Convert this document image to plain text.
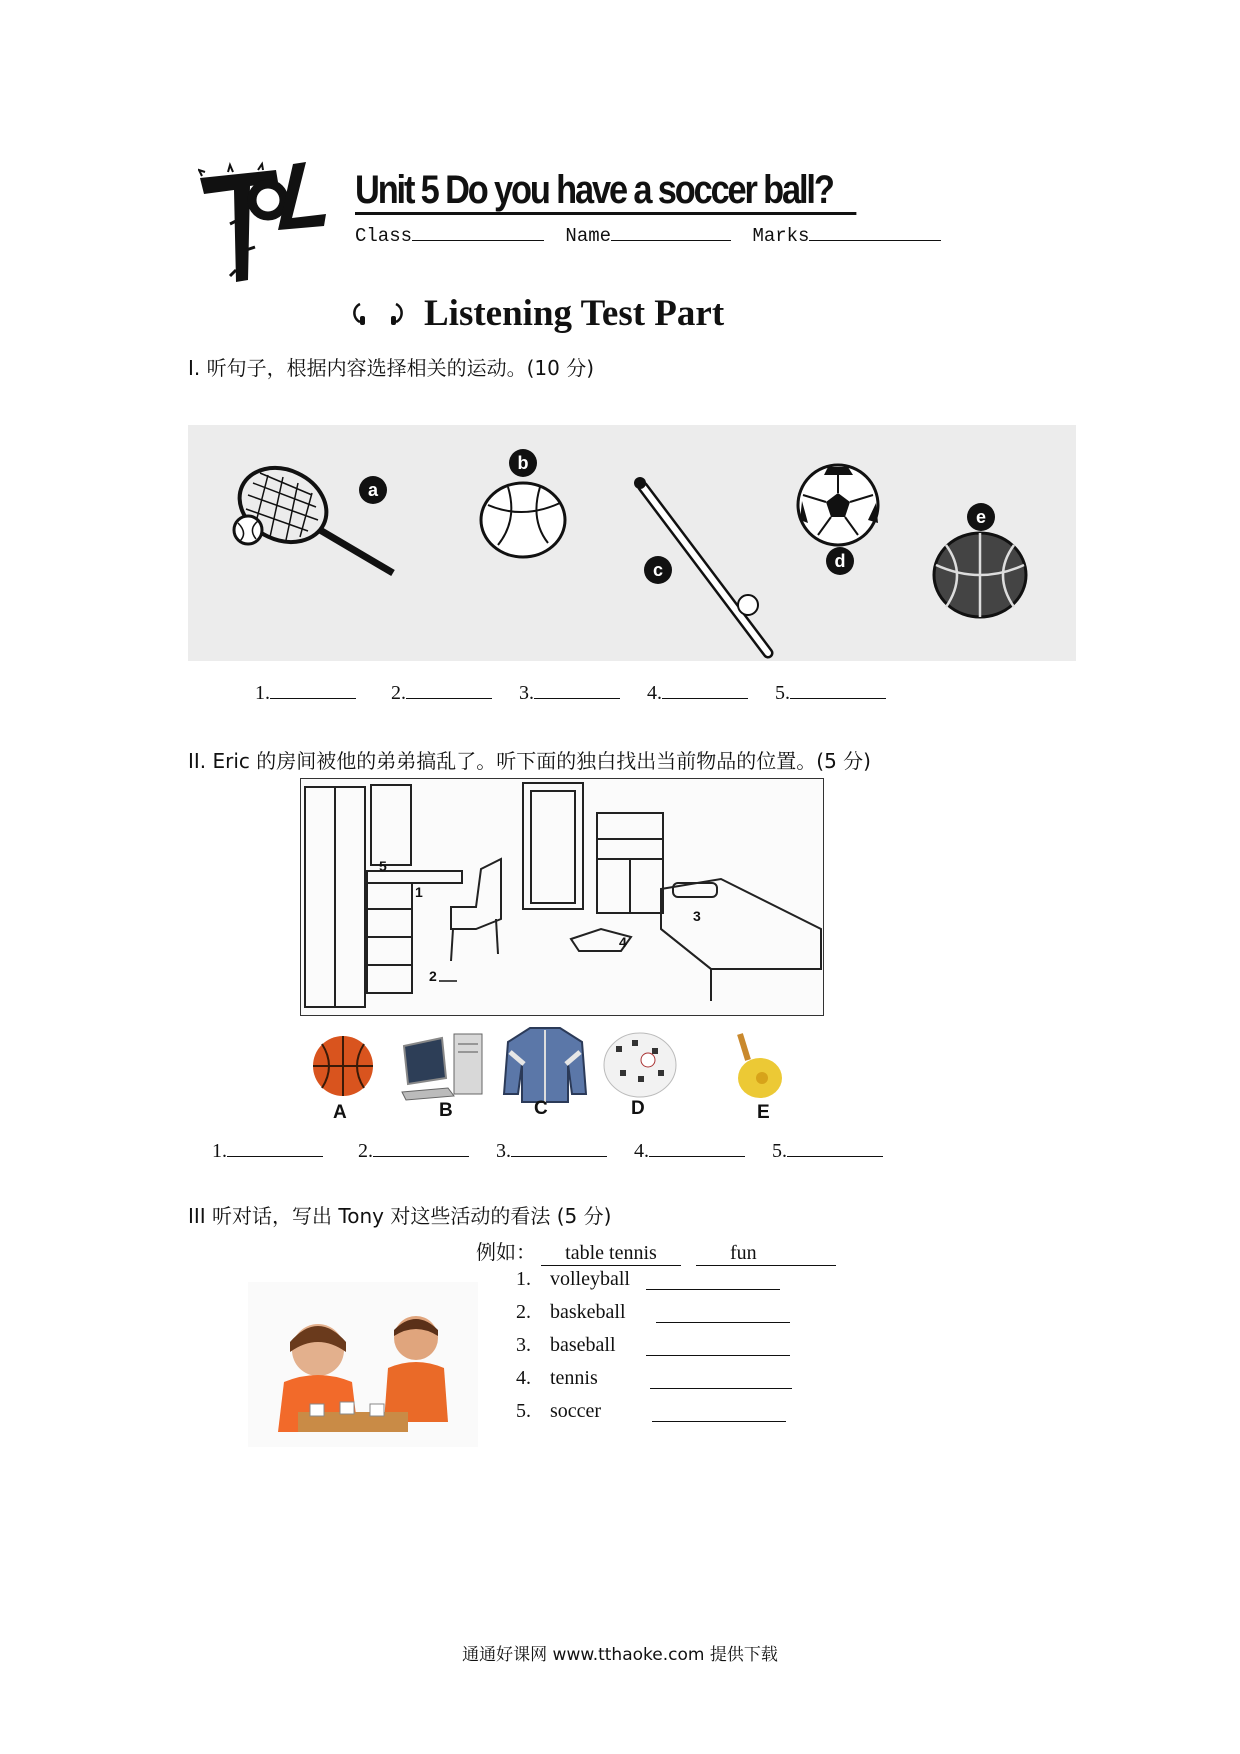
Unit 5 Do you have a soccer ball?
Class	Name	Marks
Listening Test Part
I. 听句子，根据内容选择相关的运动。(10 分)
a
b
c	d
e
1.	2.	3.	4.	5.
II. Eric 的房间被他的弟弟搞乱了。听下面的独白找出当前物品的位置。(5 分)
1
2
3
4
5
A	B	C	D	E
1.	2.	3.	4.	5.
III 听对话，写出 Tony 对这些活动的看法 (5 分)
例如： table tennis	fun
1. volleyball
2. baskeball
3. baseball
4. tennis
5. soccer
通通好课网 www.tthaoke.com 提供下载
